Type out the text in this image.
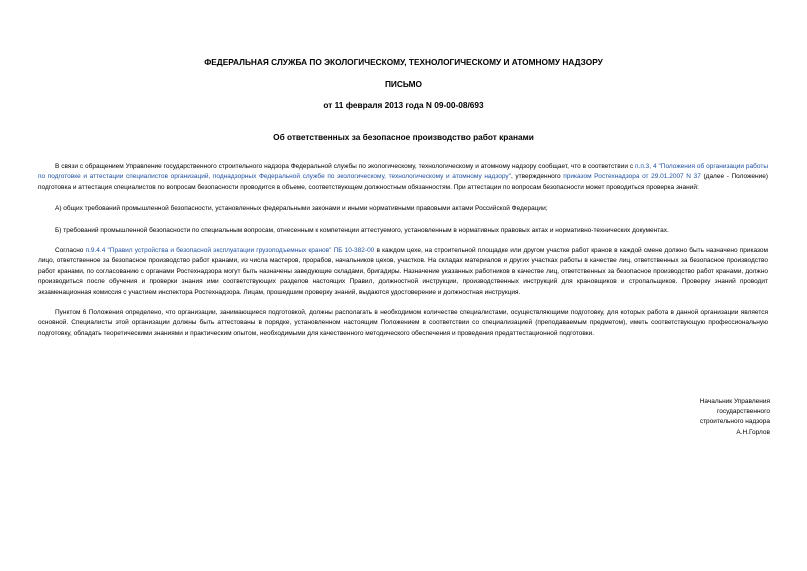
ФЕДЕРАЛЬНАЯ СЛУЖБА ПО ЭКОЛОГИЧЕСКОМУ, ТЕХНОЛОГИЧЕСКОМУ И АТОМНОМУ НАДЗОРУ
ПИСЬМО
от 11 февраля 2013 года N 09-00-08/693
Об ответственных за безопасное производство работ кранами

В связи с обращением Управление государственного строительного надзора Федеральной службы по экологическому, технологическому и атомному надзору сообщает, что в соответствии с п.п.3, 4 "Положения об организации работы по подготовке и аттестации специалистов организаций, поднадзорных Федеральной службе по экологическому, технологическому и атомному надзору", утвержденного приказом Ростехнадзора от 29.01.2007 N 37 (далее - Положение) подготовка и аттестация специалистов по вопросам безопасности проводится в объеме, соответствующем должностным обязанностям. При аттестации по вопросам безопасности может проводиться проверка знаний:

А) общих требований промышленной безопасности, установленных федеральными законами и иными нормативными правовыми актами Российской Федерации;

Б) требований промышленной безопасности по специальным вопросам, отнесенным к компетенции аттестуемого, установленным в нормативных правовых актах и нормативно-технических документах.

Согласно п.9.4.4 "Правил устройства и безопасной эксплуатации грузоподъемных кранов" ПБ 10-382-00 в каждом цехе, на строительной площадке или другом участке работ кранов в каждой смене должно быть назначено приказом лицо, ответственное за безопасное производство работ кранами, из числа мастеров, прорабов, начальников цехов, участков. На складах материалов и других участках работы в качестве лиц, ответственных за безопасное производство работ кранами, по согласованию с органами Ростехнадзора могут быть назначены заведующие складами, бригадиры. Назначение указанных работников в качестве лиц, ответственных за безопасное производство работ кранами, должно производиться после обучения и проверки знания ими соответствующих разделов настоящих Правил, должностной инструкции, производственных инструкций для крановщиков и стропальщиков. Проверку знаний проводит экзаменационная комиссия с участием инспектора Ростехнадзора. Лицам, прошедшим проверку знаний, выдаются удостоверение и должностная инструкция.

Пунктом 6 Положения определено, что организации, занимающиеся подготовкой, должны располагать в необходимом количестве специалистами, осуществляющими подготовку, для которых работа в данной организации является основной. Специалисты этой организации должны быть аттестованы в порядке, установленном настоящим Положением в соответствии со специализацией (преподаваемым предметом), иметь соответствующую профессиональную подготовку, обладать теоретическими знаниями и практическим опытом, необходимыми для качественного методического обеспечения и проведения предаттестационной подготовки.

Начальник Управления
государственного
строительного надзора
А.Н.Горлов
